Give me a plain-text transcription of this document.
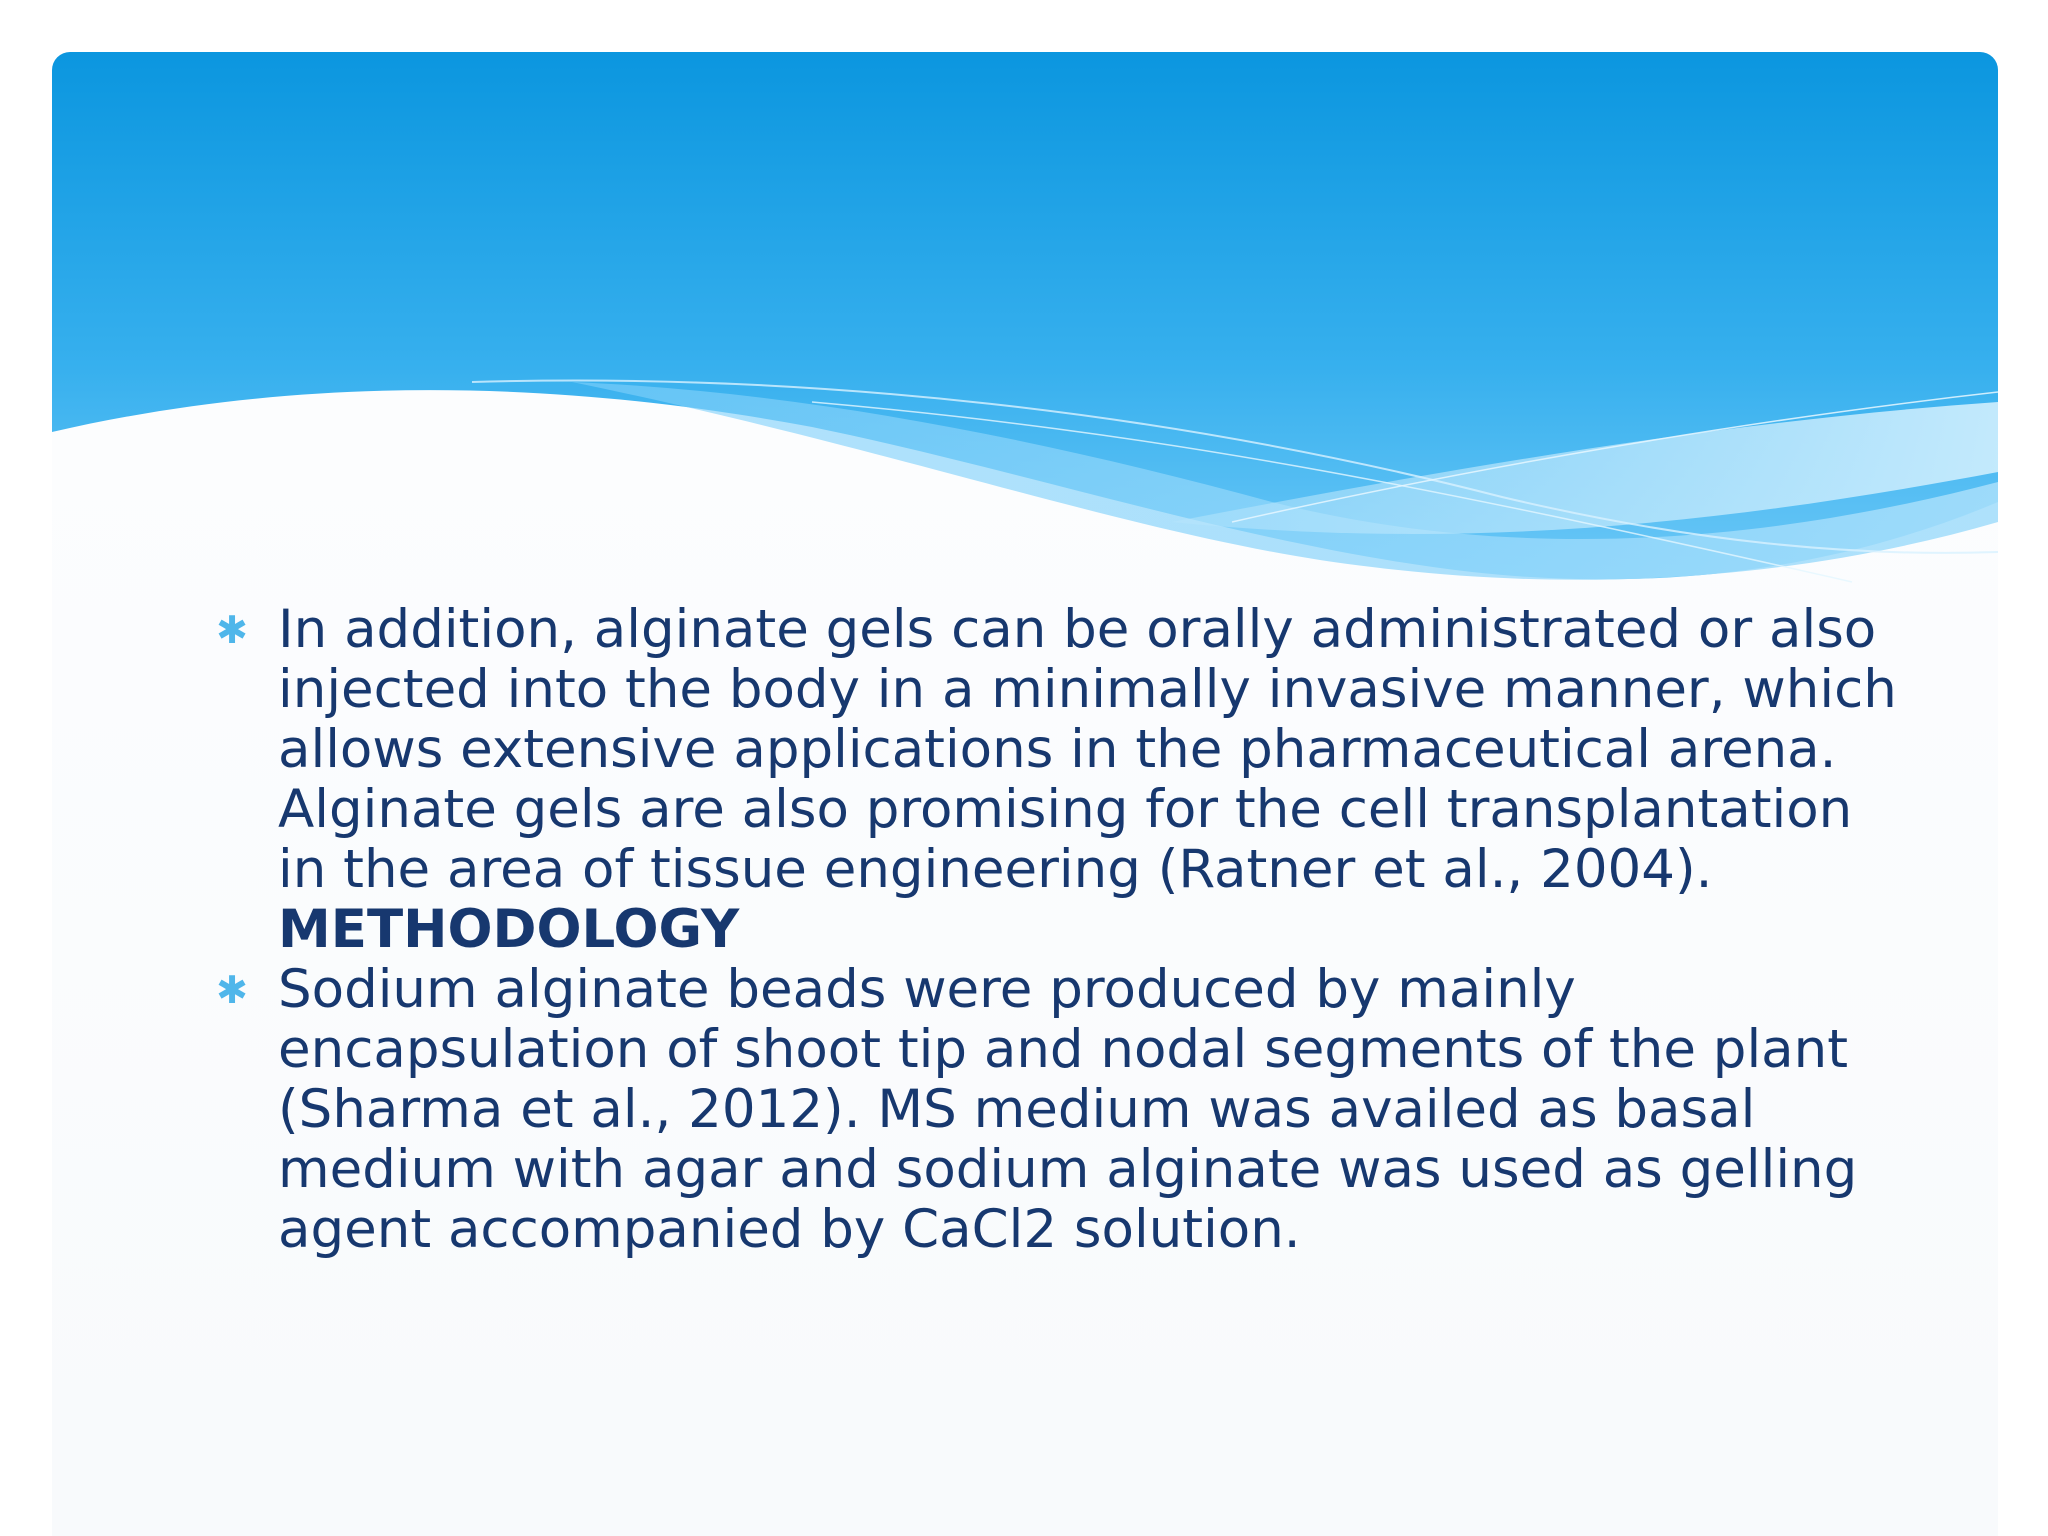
✱ In addition, alginate gels can be orally administrated or also injected into the body in a minimally invasive manner, which allows extensive applications in the pharmaceutical arena. Alginate gels are also promising for the cell transplantation in the area of tissue engineering (Ratner et al., 2004). METHODOLOGY
✱ Sodium alginate beads were produced by mainly encapsulation of shoot tip and nodal segments of the plant (Sharma et al., 2012). MS medium was availed as basal medium with agar and sodium alginate was used as gelling agent accompanied by CaCl2 solution.
